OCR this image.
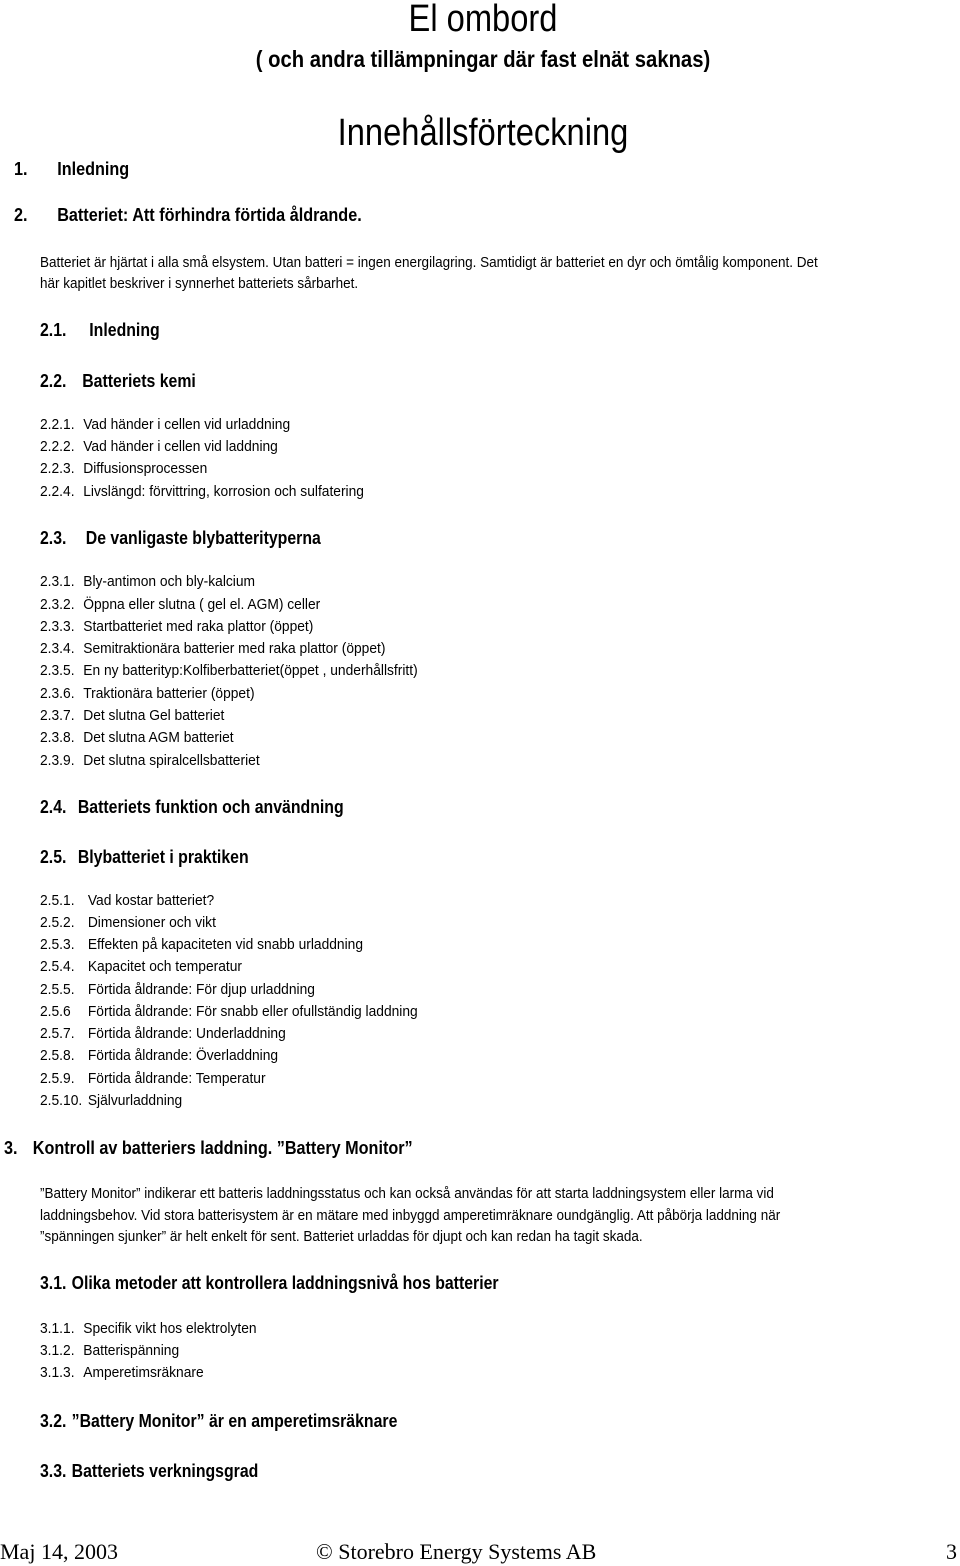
El ombord
( och andra tillämpningar där fast elnät saknas)
Innehållsförteckning
1. Inledning
2. Batteriet: Att förhindra förtida åldrande.
Batteriet är hjärtat i alla små elsystem. Utan batteri = ingen energilagring. Samtidigt är batteriet en dyr och ömtålig komponent. Det
här kapitlet beskriver i synnerhet batteriets sårbarhet.
2.1. Inledning
2.2. Batteriets kemi
2.2.1. Vad händer i cellen vid urladdning
2.2.2. Vad händer i cellen vid laddning
2.2.3. Diffusionsprocessen
2.2.4. Livslängd: förvittring, korrosion och sulfatering
2.3. De vanligaste blybatterityperna
2.3.1. Bly-antimon och bly-kalcium
2.3.2. Öppna eller slutna ( gel el. AGM) celler
2.3.3. Startbatteriet med raka plattor (öppet)
2.3.4. Semitraktionära batterier med raka plattor (öppet)
2.3.5. En ny batterityp:Kolfiberbatteriet(öppet , underhållsfritt)
2.3.6. Traktionära batterier (öppet)
2.3.7. Det slutna Gel batteriet
2.3.8. Det slutna AGM batteriet
2.3.9. Det slutna spiralcellsbatteriet
2.4. Batteriets funktion och användning
2.5. Blybatteriet i praktiken
2.5.1. Vad kostar batteriet?
2.5.2. Dimensioner och vikt
2.5.3. Effekten på kapaciteten vid snabb urladdning
2.5.4. Kapacitet och temperatur
2.5.5. Förtida åldrande: För djup urladdning
2.5.6 Förtida åldrande: För snabb eller ofullständig laddning
2.5.7. Förtida åldrande: Underladdning
2.5.8. Förtida åldrande: Överladdning
2.5.9. Förtida åldrande: Temperatur
2.5.10. Självurladdning
3. Kontroll av batteriers laddning. ”Battery Monitor”
”Battery Monitor” indikerar ett batteris laddningsstatus och kan också användas för att starta laddningsystem eller larma vid
laddningsbehov. Vid stora batterisystem är en mätare med inbyggd amperetimräknare oundgänglig. Att påbörja laddning när
”spänningen sjunker” är helt enkelt för sent. Batteriet urladdas för djupt och kan redan ha tagit skada.
3.1. Olika metoder att kontrollera laddningsnivå hos batterier
3.1.1. Specifik vikt hos elektrolyten
3.1.2. Batterispänning
3.1.3. Amperetimsräknare
3.2. ”Battery Monitor” är en amperetimsräknare
3.3. Batteriets verkningsgrad
Maj 14, 2003	© Storebro Energy Systems AB	3
